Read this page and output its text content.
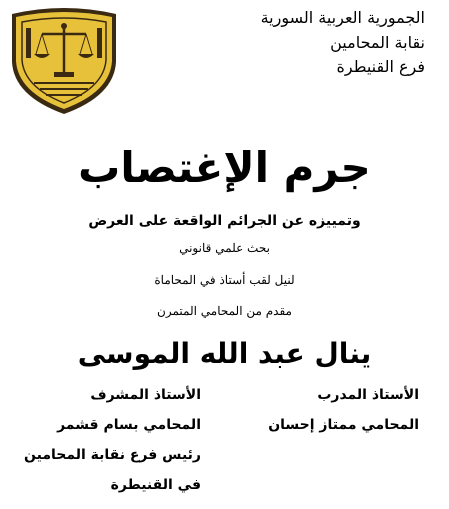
الجمورية العربية السورية
نقابة المحامين
فرع القنيطرة
جرم الإغتصاب
وتمييزه عن الجرائم الواقعة على العرض
بحث علمي قانوني
لنيل لقب أستاذ في المحاماة
مقدم من المحامي المتمرن
ينال عبد الله الموسى
الأستاذ المدرب
المحامي ممتاز إحسان
الأستاذ المشرف
المحامي بسام قشمر
رئيس فرع نقابة المحامين
في القنيطرة
